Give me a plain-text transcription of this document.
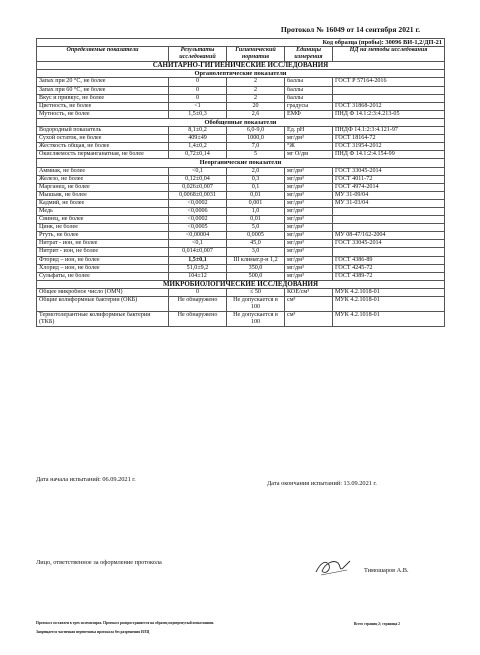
Протокол № 16049 от 14 сентября 2021 г.
Код образца (пробы): 30096 ВИ-1,2/ДП-21				
Определяемые показатели	Результаты исследований	Гигиенический норматив	Единицы измерения	НД на методы исследования
САНИТАРНО-ГИГИЕНИЧЕСКИЕ ИССЛЕДОВАНИЯ				
Органолептические показатели				
Запах при 20 °С, не более	0	2	баллы	ГОСТ Р 57164-2016
Запах при 60 °С, не более	0	2	баллы	
Вкус и привкус, не более	0	2	баллы	
Цветность, не более	<1	20	градусы	ГОСТ 31868-2012
Мутность, не более	1,5±0,3	2,6	ЕМФ	ПНД Ф 14.1:2:3:4.213-05
Обобщенные показатели				
Водородный показатель	8,1±0,2	6,0-9,0	Ед. рН	ПНДФ 14.1:2:3:4.121-97
Сухой остаток, не более	409±49	1000,0	мг/дм³	ГОСТ 18164-72
Жесткость общая, не более	1,4±0,2	7,0	°Ж	ГОСТ 31954-2012
Окисляемость перманганатная, не более	0,72±0,14	5	мг О/дм	ПНД Ф 14.1:2:4.154-99
Неорганические показатели				
Аммиак, не более	<0,1	2,0	мг/дм³	ГОСТ 33045-2014
Железо, не более	0,12±0,04	0,3	мг/дм³	ГОСТ 4011-72
Марганец, не более	0,026±0,007	0,1	мг/дм³	ГОСТ 4974-2014
Мышьяк, не более	0,0068±0,0031	0,01	мг/дм³	МУ 31-09/04
Кадмий, не более	<0,0002	0,001	мг/дм³	МУ 31-03/04
Медь	<0,0006	1,0	мг/дм³	
Свинец, не более	<0,0002	0,01	мг/дм³	
Цинк, не более	<0,0005	5,0	мг/дм³	
Ртуть, не более	<0,00004	0,0005	мг/дм³	МУ 08-47/162-2004
Нитрат - ион, не более	<0,1	45,0	мг/дм³	ГОСТ 33045-2014
Нитрит - ион, не более	0,014±0,007	3,0	мг/дм³	
Фторид – ион, не более	1,5±0,1	III климат.р-н 1,2	мг/дм³	ГОСТ 4386-89
Хлорид – ион, не более	51,0±9,2	350,0	мг/дм³	ГОСТ 4245-72
Сульфаты, не более	104±12	500,0	мг/дм³	ГОСТ 4389-72
МИКРОБИОЛОГИЧЕСКИЕ ИССЛЕДОВАНИЯ				
Общее микробное число (ОМЧ)	0	≤ 50	КОЕ/см³	МУК 4.2.1018-01
Общие колиформные бактерии (ОКБ)	Не обнаружено	Не допускается в 100	см³	МУК 4.2.1018-01
Термотолерантные колиформные бактерии (ТКБ)	Не обнаружено	Не допускается в 100	см³	МУК 4.2.1018-01
Дата начала испытаний: 06.09.2021 г.
Дата окончания испытаний: 13.09.2021 г.
Лицо, ответственное за оформление протокола
Тимошаров А.В.
Протокол составлен в трех экземплярах. Протокол распространяется на образец подвергнутый испытаниям.
Запрещается частичная перепечатка протокола без разрешения ИЛЦ
Всего страниц 2; страница 2
